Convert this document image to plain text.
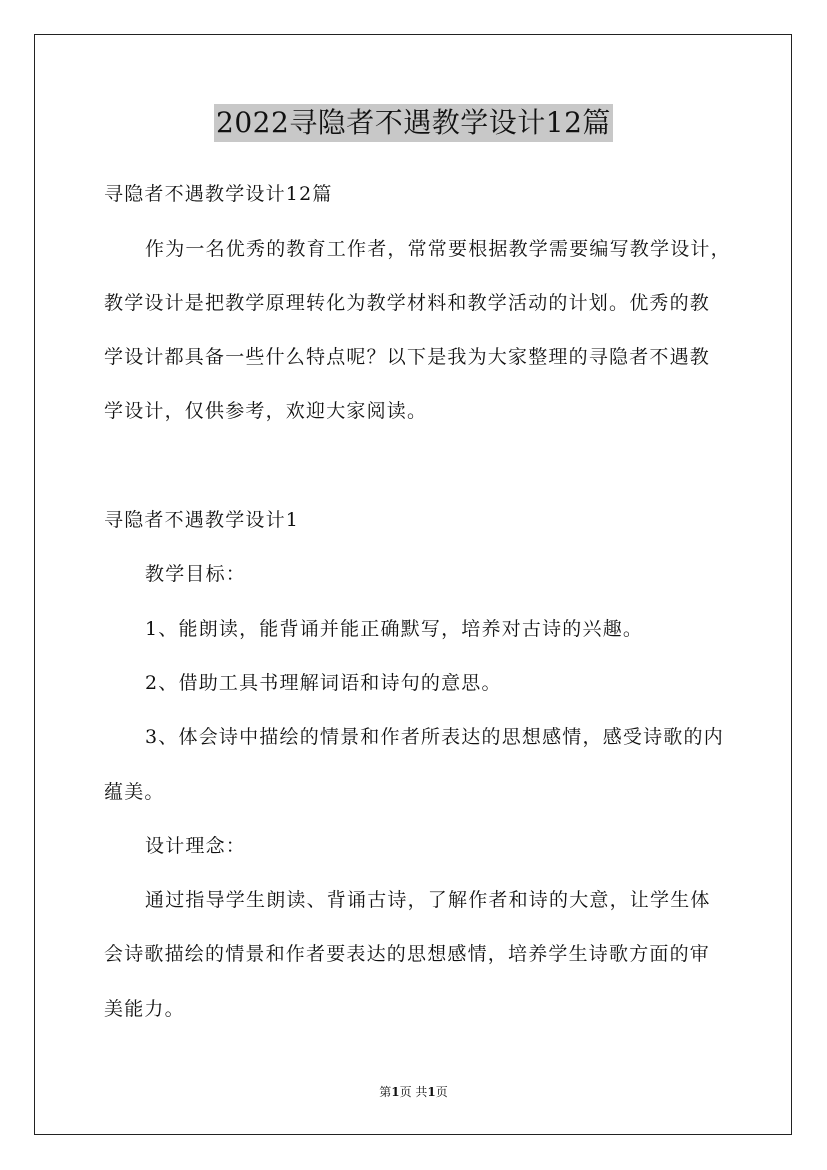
2022寻隐者不遇教学设计12篇
寻隐者不遇教学设计12篇
作为一名优秀的教育工作者，常常要根据教学需要编写教学设计，
教学设计是把教学原理转化为教学材料和教学活动的计划。优秀的教
学设计都具备一些什么特点呢？以下是我为大家整理的寻隐者不遇教
学设计，仅供参考，欢迎大家阅读。
寻隐者不遇教学设计1
教学目标：
1、能朗读，能背诵并能正确默写，培养对古诗的兴趣。
2、借助工具书理解词语和诗句的意思。
3、体会诗中描绘的情景和作者所表达的思想感情，感受诗歌的内
蕴美。
设计理念：
通过指导学生朗读、背诵古诗，了解作者和诗的大意，让学生体
会诗歌描绘的情景和作者要表达的思想感情，培养学生诗歌方面的审
美能力。
第1页 共1页
